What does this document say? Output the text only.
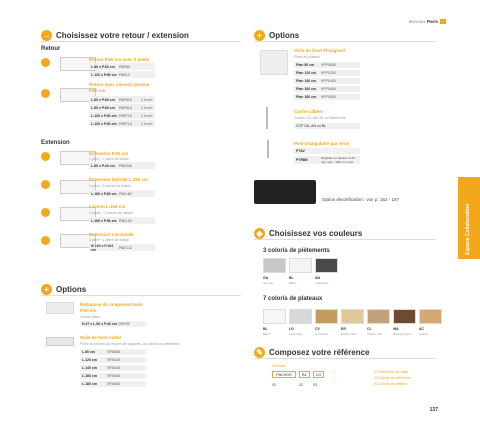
Bureaux Paris
Espace Collaboration
→ Choisissez votre retour / extension
Retour
Retour P.60 cm avec 2 pieds
L.80 x P.60 cm	PAR60
L.120 x P.60 cm PAR12
Retour avec caisson porteur
P.60 cm
L.80 x P.60 cm	PAR610	3 tiroirs
L.80 x P.60 cm	PAR614	3 tiroirs
L.120 x P.60 cm PAR710	3 tiroirs
L.120 x P.60 cm PAR714	3 tiroirs
Extension
Extension P.60 cm
1 pied + 1 barre de liaison
L.80 x P.40 cm	PAEX40
Extension latérale L.160 cm
1 pied + 2 barres de liaison
L.160 x P.60 cm PAEL60
Liaison L.160 cm
2 pieds + 2 barres de liaison
L.160 x P.80 cm PAEL16
Extension conviviale
1 pied + 1 barre de liaison
Ø 120 x P.104 cm	PAEC12
+ Options
Rehausse de rangement bois
P.60 cm
Coloris blanc
H.37 x L.80 x P.40 cm CRH78
Voile de fond métal
Fixée au bureau au moyen de supports, au coloris du piètement
L.80 cm	VFM080
L.120 cm	VFM120
L.140 cm	VFM140
L.160 cm	VFM160
L.180 cm	VFM180
+ Options
Voile de fond Plexiglas®
Fixée au plateau
Plan 80 cm	VFP080X
Plan 120 cm	VFP120X
Plan 140 cm	VFP140X
Plan 160 cm	VFP160X
Plan 180 cm	VFP180X
Cache-câbles
Coloris GA, AN, BL ou Blanc/Gris
CCP GA, AN ou BL
Pied triangulaire par vérin
PTAV
PTRBE	Réglable en hauteur 0-40 mm max. / 360 mm max.
Option électrification : voir p. 162 - 167
◆ Choisissez vos couleurs
3 coloris de piètements
GA	BL	AN
Gris alu	Blanc	Anthracite
7 coloris de plateaux
BL	LG	CV	ER	CL	WA	AC
Blanc	Light Gray	Canadian	Érable clair	Chêne clair	Walnut Ambre	Acacia
✎ Composez votre référence
Exemple
PAC90G	BL	LG
01	02	03
01 Référence de base
02 Coloris du piètement
03 Coloris du plateau
137
